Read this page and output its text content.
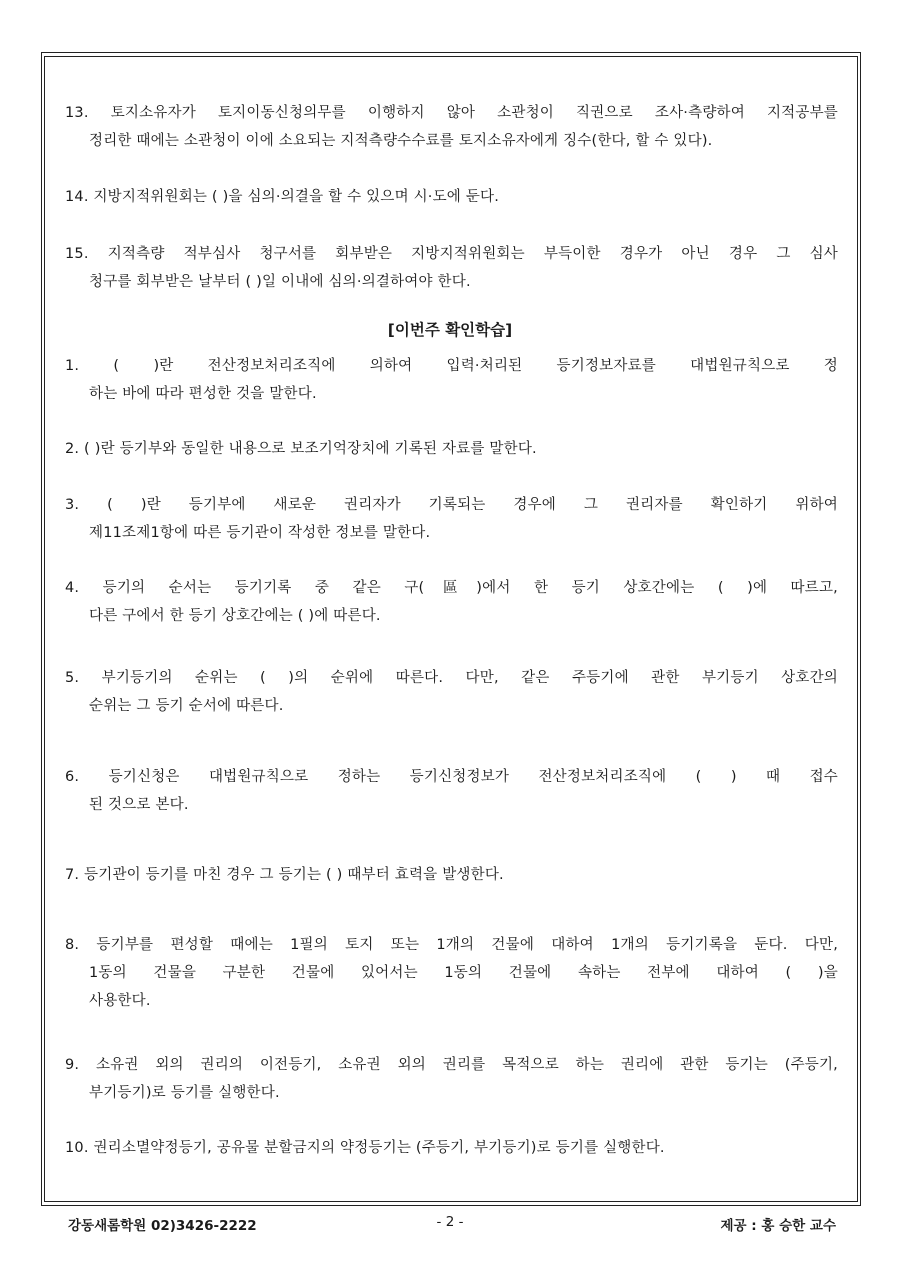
13. 토지소유자가 토지이동신청의무를 이행하지 않아 소관청이 직권으로 조사·측량하여 지적공부를
정리한 때에는 소관청이 이에 소요되는 지적측량수수료를 토지소유자에게 징수(한다, 할 수 있다).
14. 지방지적위원회는 ( )을 심의·의결을 할 수 있으며 시·도에 둔다.
15. 지적측량 적부심사 청구서를 회부받은 지방지적위원회는 부득이한 경우가 아닌 경우 그 심사
청구를 회부받은 날부터 ( )일 이내에 심의·의결하여야 한다.
[이번주 확인학습]
1. ( )란 전산정보처리조직에 의하여 입력·처리된 등기정보자료를 대법원규칙으로 정
하는 바에 따라 편성한 것을 말한다.
2. ( )란 등기부와 동일한 내용으로 보조기억장치에 기록된 자료를 말한다.
3. ( )란 등기부에 새로운 권리자가 기록되는 경우에 그 권리자를 확인하기 위하여
제11조제1항에 따른 등기관이 작성한 정보를 말한다.
4. 등기의 순서는 등기기록 중 같은 구(區)에서 한 등기 상호간에는 ( )에 따르고,
다른 구에서 한 등기 상호간에는 ( )에 따른다.
5. 부기등기의 순위는 ( )의 순위에 따른다. 다만, 같은 주등기에 관한 부기등기 상호간의
순위는 그 등기 순서에 따른다.
6. 등기신청은 대법원규칙으로 정하는 등기신청정보가 전산정보처리조직에 ( ) 때 접수
된 것으로 본다.
7. 등기관이 등기를 마친 경우 그 등기는 ( ) 때부터 효력을 발생한다.
8. 등기부를 편성할 때에는 1필의 토지 또는 1개의 건물에 대하여 1개의 등기기록을 둔다. 다만,
1동의 건물을 구분한 건물에 있어서는 1동의 건물에 속하는 전부에 대하여 ( )을
사용한다.
9. 소유권 외의 권리의 이전등기, 소유권 외의 권리를 목적으로 하는 권리에 관한 등기는 (주등기,
부기등기)로 등기를 실행한다.
10. 권리소멸약정등기, 공유물 분할금지의 약정등기는 (주등기, 부기등기)로 등기를 실행한다.
강동새롬학원 02)3426-2222	- 2 -	제공 : 홍 승한 교수
